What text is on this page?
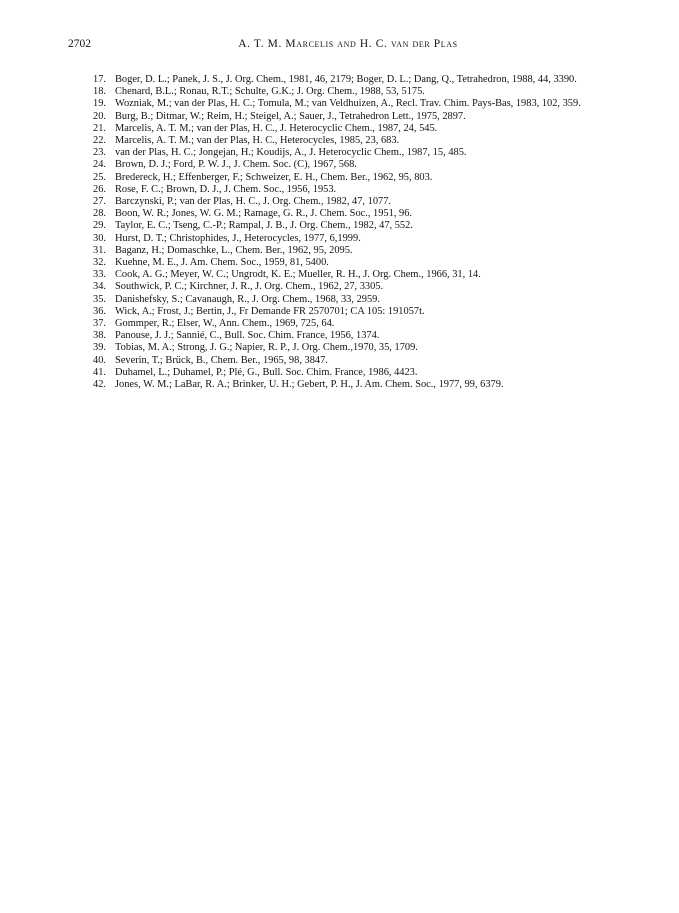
2702	A. T. M. Marcelis and H. C. van der Plas
17. Boger, D. L.; Panek, J. S., J. Org. Chem., 1981, 46, 2179; Boger, D. L.; Dang, Q., Tetrahedron, 1988, 44, 3390.
18. Chenard, B.L.; Ronau, R.T.; Schulte, G.K.; J. Org. Chem., 1988, 53, 5175.
19. Wozniak, M.; van der Plas, H. C.; Tomula, M.; van Veldhuizen, A., Recl. Trav. Chim. Pays-Bas, 1983, 102, 359.
20. Burg, B.; Ditmar, W.; Reim, H.; Steigel, A.; Sauer, J., Tetrahedron Lett., 1975, 2897.
21. Marcelis, A. T. M.; van der Plas, H. C., J. Heterocyclic Chem., 1987, 24, 545.
22. Marcelis, A. T. M.; van der Plas, H. C., Heterocycles, 1985, 23, 683.
23. van der Plas, H. C.; Jongejan, H.; Koudijs, A., J. Heterocyclic Chem., 1987, 15, 485.
24. Brown, D. J.; Ford, P. W. J., J. Chem. Soc. (C), 1967, 568.
25. Bredereck, H.; Effenberger, F.; Schweizer, E. H., Chem. Ber., 1962, 95, 803.
26. Rose, F. C.; Brown, D. J., J. Chem. Soc., 1956, 1953.
27. Barczynski, P.; van der Plas, H. C., J. Org. Chem., 1982, 47, 1077.
28. Boon, W. R.; Jones, W. G. M.; Ramage, G. R., J. Chem. Soc., 1951, 96.
29. Taylor, E. C.; Tseng, C.-P.; Rampal, J. B., J. Org. Chem., 1982, 47, 552.
30. Hurst, D. T.; Christophides, J., Heterocycles, 1977, 6,1999.
31. Baganz, H.; Domaschke, L., Chem. Ber., 1962, 95, 2095.
32. Kuehne, M. E., J. Am. Chem. Soc., 1959, 81, 5400.
33. Cook, A. G.; Meyer, W. C.; Ungrodt, K. E.; Mueller, R. H., J. Org. Chem., 1966, 31, 14.
34. Southwick, P. C.; Kirchner, J. R., J. Org. Chem., 1962, 27, 3305.
35. Danishefsky, S.; Cavanaugh, R., J. Org. Chem., 1968, 33, 2959.
36. Wick, A.; Frost, J.; Bertin, J., Fr Demande FR 2570701; CA 105: 191057t.
37. Gommper, R.; Elser, W., Ann. Chem., 1969, 725, 64.
38. Panouse, J. J.; Sannié, C., Bull. Soc. Chim. France, 1956, 1374.
39. Tobias, M. A.; Strong, J. G.; Napier, R. P., J. Org. Chem.,1970, 35, 1709.
40. Severin, T.; Brück, B., Chem. Ber., 1965, 98, 3847.
41. Duhamel, L.; Duhamel, P.; Plé, G., Bull. Soc. Chim. France, 1986, 4423.
42. Jones, W. M.; LaBar, R. A.; Brinker, U. H.; Gebert, P. H., J. Am. Chem. Soc., 1977, 99, 6379.
